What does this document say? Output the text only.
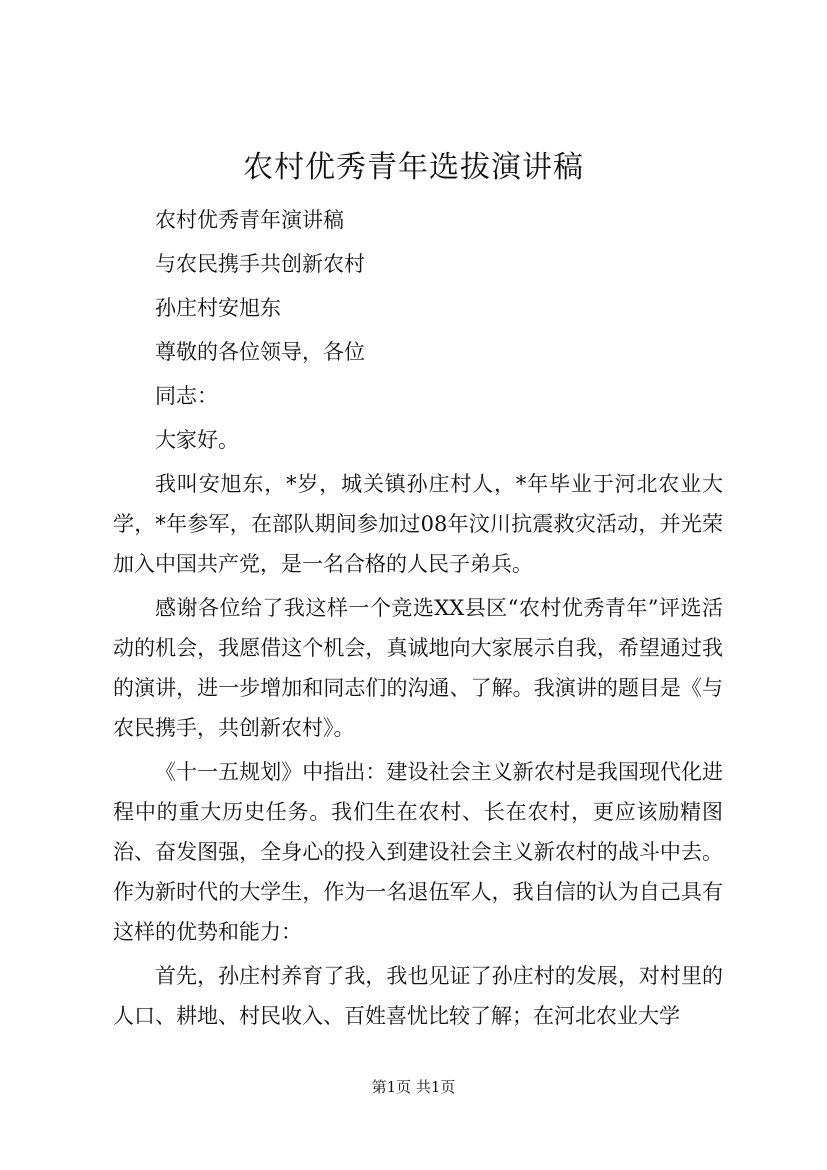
农村优秀青年选拔演讲稿

农村优秀青年演讲稿

与农民携手共创新农村

孙庄村安旭东

尊敬的各位领导，各位

同志：

大家好。

我叫安旭东，*岁，城关镇孙庄村人，*年毕业于河北农业大学，*年参军，在部队期间参加过08年汶川抗震救灾活动，并光荣加入中国共产党，是一名合格的人民子弟兵。

感谢各位给了我这样一个竞选XX县区“农村优秀青年”评选活动的机会，我愿借这个机会，真诚地向大家展示自我，希望通过我的演讲，进一步增加和同志们的沟通、了解。我演讲的题目是《与农民携手，共创新农村》。

《十一五规划》中指出：建设社会主义新农村是我国现代化进程中的重大历史任务。我们生在农村、长在农村，更应该励精图治、奋发图强，全身心的投入到建设社会主义新农村的战斗中去。作为新时代的大学生，作为一名退伍军人，我自信的认为自己具有这样的优势和能力：

首先，孙庄村养育了我，我也见证了孙庄村的发展，对村里的人口、耕地、村民收入、百姓喜忧比较了解；在河北农业大学

第1页 共1页
